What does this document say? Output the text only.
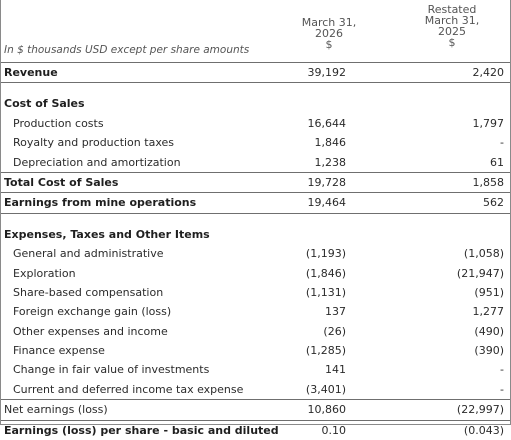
In $ thousands USD except per share amounts
March 31,
2026
$
Restated
March 31,
2025
$
Revenue	39,192	2,420
Cost of Sales
Production costs	16,644	1,797
Royalty and production taxes	1,846	-
Depreciation and amortization	1,238	61
Total Cost of Sales	19,728	1,858
Earnings from mine operations	19,464	562
Expenses, Taxes and Other Items
General and administrative	(1,193)	(1,058)
Exploration	(1,846)	(21,947)
Share-based compensation	(1,131)	(951)
Foreign exchange gain (loss)	137	1,277
Other expenses and income	(26)	(490)
Finance expense	(1,285)	(390)
Change in fair value of investments	141	-
Current and deferred income tax expense	(3,401)	-
Net earnings (loss)	10,860	(22,997)
Earnings (loss) per share - basic and diluted	0.10	(0.043)
